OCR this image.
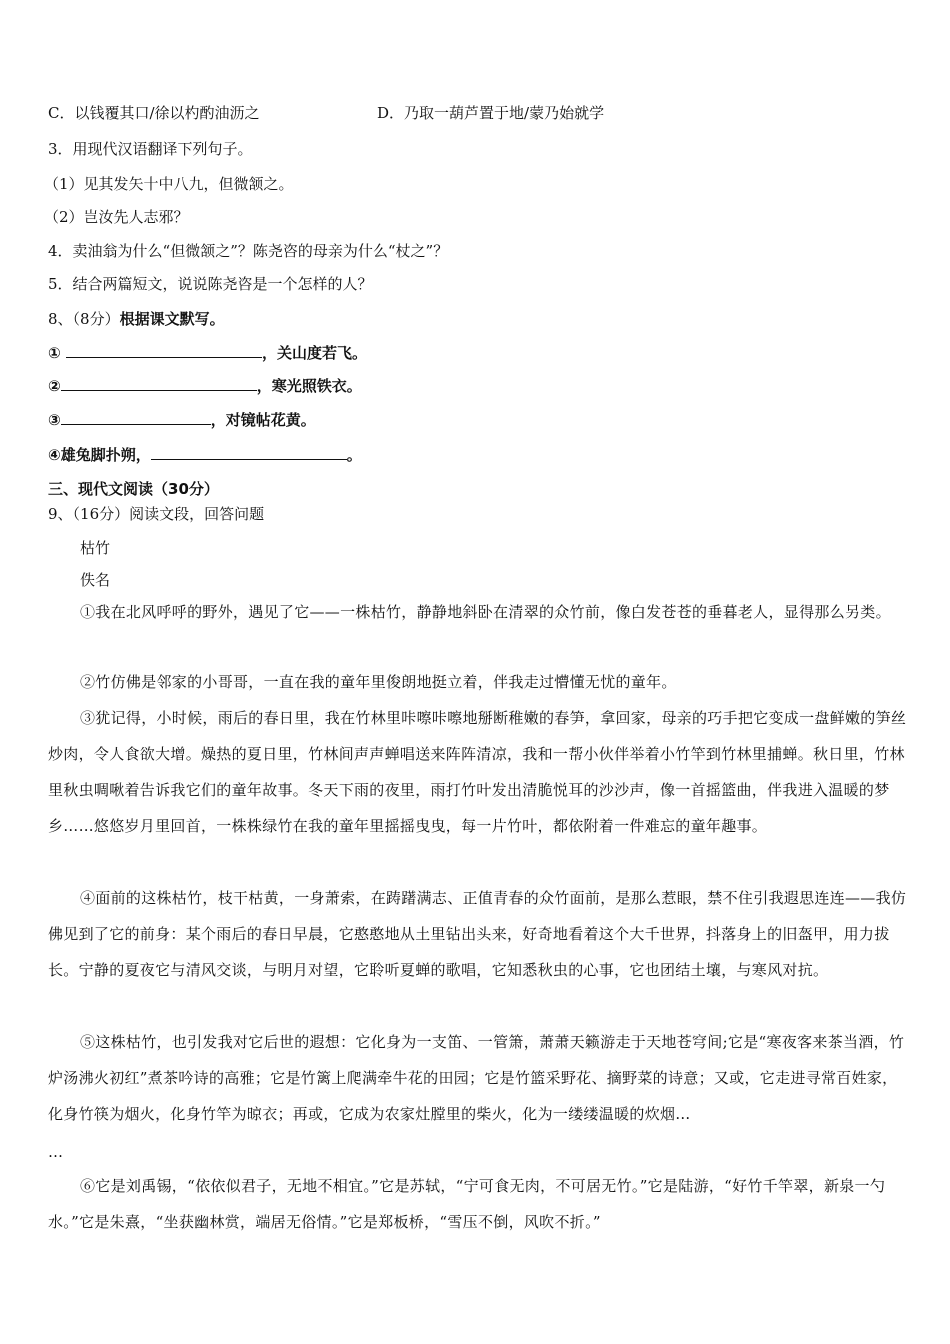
C．以钱覆其口/徐以杓酌油沥之	D．乃取一葫芦置于地/蒙乃始就学
3．用现代汉语翻译下列句子。
（1）见其发矢十中八九，但微颔之。
（2）岂汝先人志邪？
4．卖油翁为什么“但微颔之”？陈尧咨的母亲为什么“杖之”？
5．结合两篇短文，说说陈尧咨是一个怎样的人？
8、（8分）根据课文默写。
①	，关山度若飞。
②	，寒光照铁衣。
③	，对镜帖花黄。
④雄兔脚扑朔，	。
三、现代文阅读（30分）
9、（16分）阅读文段，回答问题
枯竹
佚名
①我在北风呼呼的野外，遇见了它——一株枯竹，静静地斜卧在清翠的众竹前，像白发苍苍的垂暮老人，显得那么另类。
②竹仿佛是邻家的小哥哥，一直在我的童年里俊朗地挺立着，伴我走过懵懂无忧的童年。
③犹记得，小时候，雨后的春日里，我在竹林里咔嚓咔嚓地掰断稚嫩的春笋，拿回家，母亲的巧手把它变成一盘鲜嫩的笋丝炒肉，令人食欲大增。燥热的夏日里，竹林间声声蝉唱送来阵阵清凉，我和一帮小伙伴举着小竹竿到竹林里捕蝉。秋日里，竹林里秋虫啁啾着告诉我它们的童年故事。冬天下雨的夜里，雨打竹叶发出清脆悦耳的沙沙声，像一首摇篮曲，伴我进入温暖的梦乡……悠悠岁月里回首，一株株绿竹在我的童年里摇摇曳曳，每一片竹叶，都依附着一件难忘的童年趣事。
④面前的这株枯竹，枝干枯黄，一身萧索，在踌躇满志、正值青春的众竹面前，是那么惹眼，禁不住引我遐思连连——我仿佛见到了它的前身：某个雨后的春日早晨，它憨憨地从土里钻出头来，好奇地看着这个大千世界，抖落身上的旧盔甲，用力拔长。宁静的夏夜它与清风交谈，与明月对望，它聆听夏蝉的歌唱，它知悉秋虫的心事，它也团结土壤，与寒风对抗。
⑤这株枯竹，也引发我对它后世的遐想：它化身为一支笛、一管箫，萧萧天籁游走于天地苍穹间;它是“寒夜客来茶当酒，竹炉汤沸火初红”煮茶吟诗的高雅；它是竹篱上爬满牵牛花的田园；它是竹篮采野花、摘野菜的诗意；又或，它走进寻常百姓家，化身竹筷为烟火，化身竹竿为晾衣；再或，它成为农家灶膛里的柴火，化为一缕缕温暖的炊烟…
…
⑥它是刘禹锡，“依依似君子，无地不相宜。”它是苏轼，“宁可食无肉，不可居无竹。”它是陆游，“好竹千竿翠，新泉一勺水。”它是朱熹，“坐获幽林赏，端居无俗情。”它是郑板桥，“雪压不倒，风吹不折。”
